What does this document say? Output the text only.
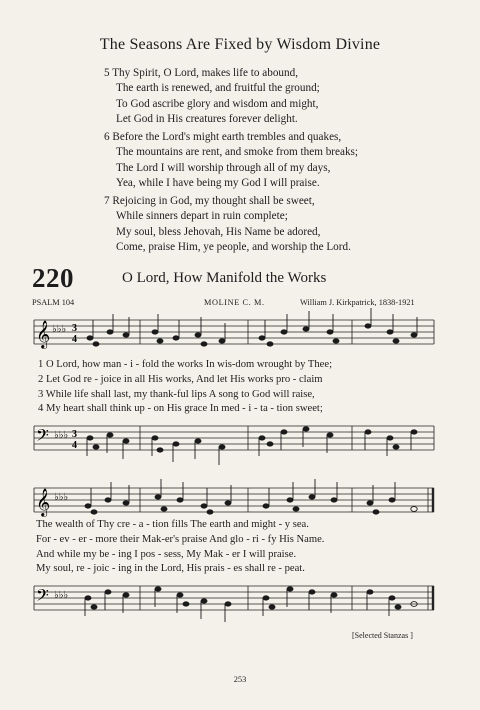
The Seasons Are Fixed by Wisdom Divine
5 Thy Spirit, O Lord, makes life to abound,
The earth is renewed, and fruitful the ground;
To God ascribe glory and wisdom and might,
Let God in His creatures forever delight.
6 Before the Lord's might earth trembles and quakes,
The mountains are rent, and smoke from them breaks;
The Lord I will worship through all of my days,
Yea, while I have being my God I will praise.
7 Rejoicing in God, my thought shall be sweet,
While sinners depart in ruin complete;
My soul, bless Jehovah, His Name be adored,
Come, praise Him, ye people, and worship the Lord.
220	O Lord, How Manifold the Works
PSALM 104	MOLINE C. M.	William J. Kirkpatrick, 1838-1921
𝄞 ♭♭♭ 3
4
1 O Lord, how man - i - fold the works In wis-dom wrought by Thee;
2 Let God re - joice in all His works, And let His works pro - claim
3 While life shall last, my thank-ful lips A song to God will raise,
4 My heart shall think up - on His grace In med - i - ta - tion sweet;
𝄢 ♭♭♭ 3
4
𝄞 ♭♭♭
The wealth of Thy cre - a - tion fills The earth and might - y sea.
For - ev - er - more their Mak-er's praise And glo - ri - fy His Name.
And while my be - ing I pos - sess, My Mak - er I will praise.
My soul, re - joic - ing in the Lord, His prais - es shall re - peat.
𝄢 ♭♭♭
[Selected Stanzas ]
253
